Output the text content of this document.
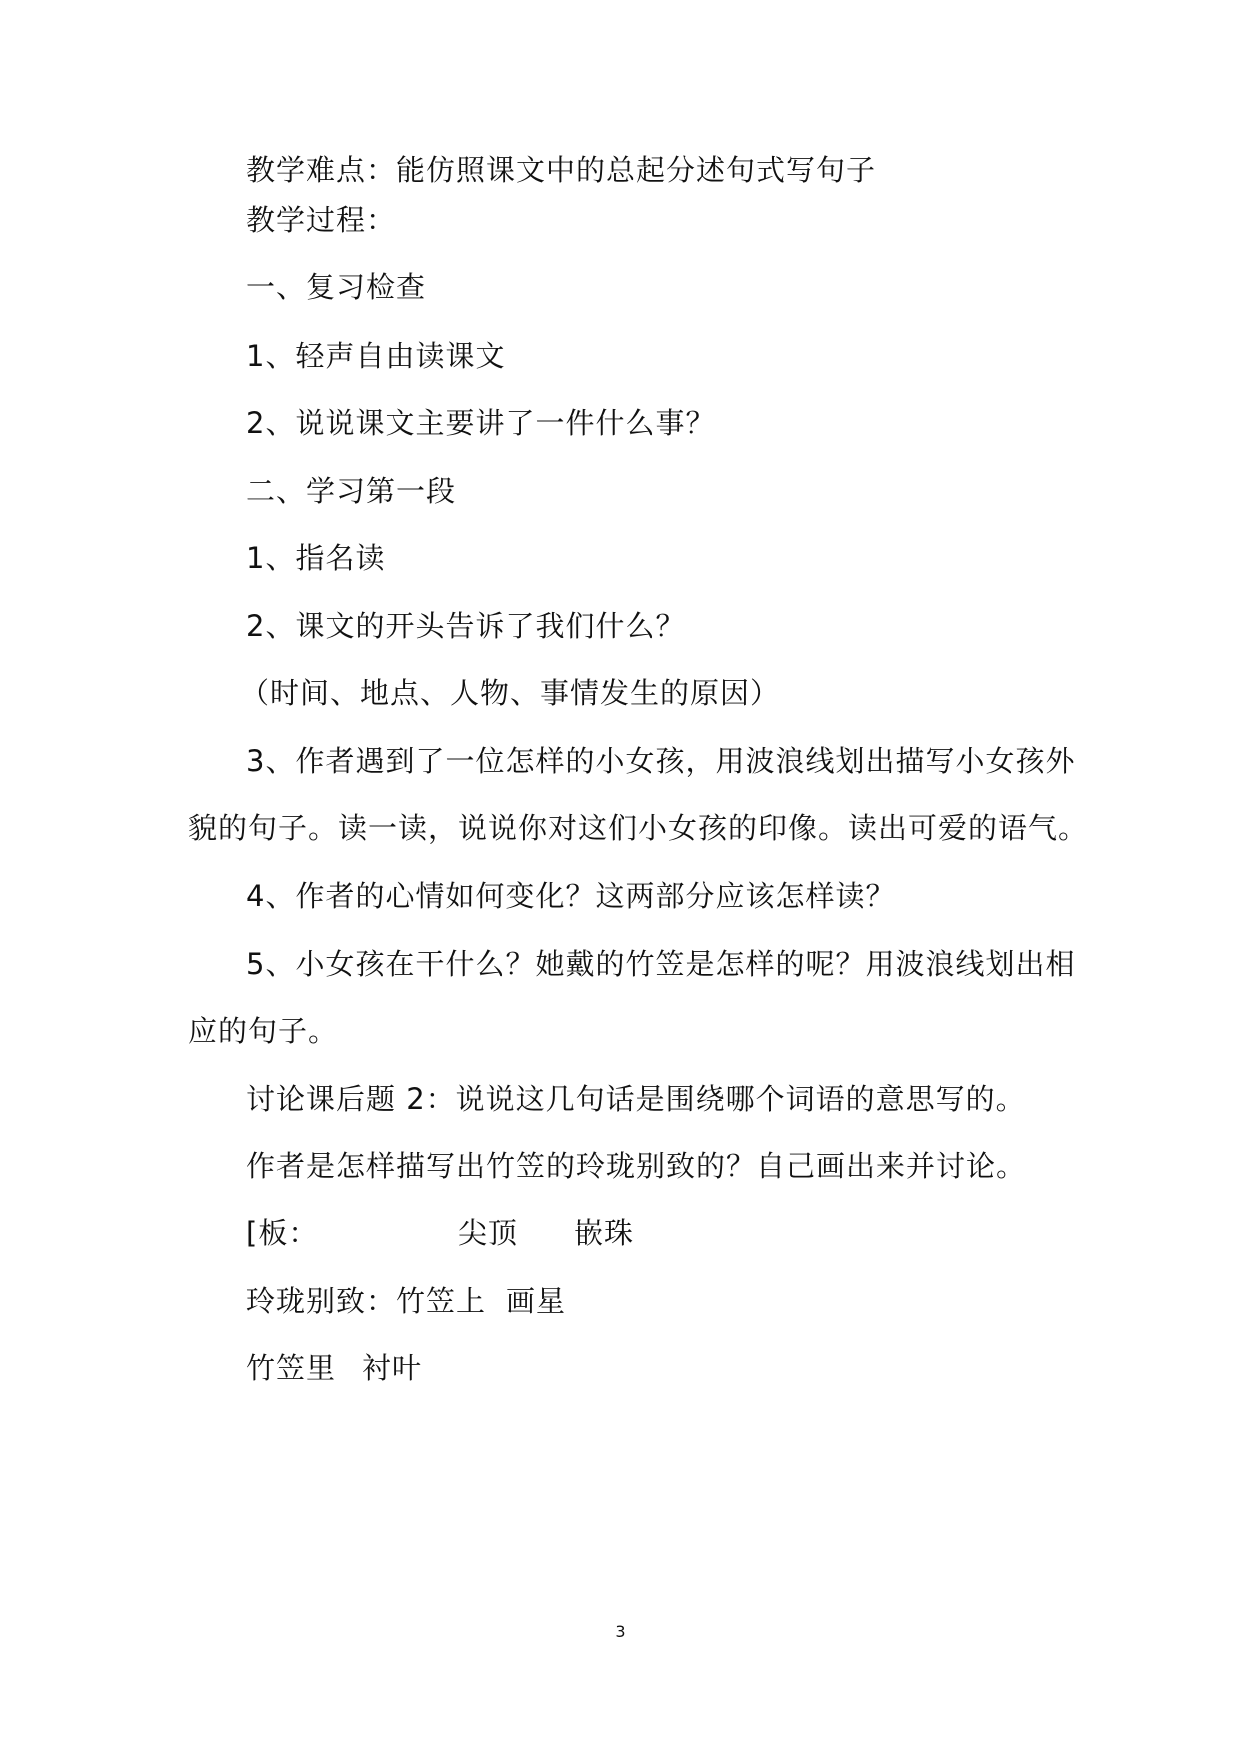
教学难点：能仿照课文中的总起分述句式写句子
教学过程：
一、复习检查
1、轻声自由读课文
2、说说课文主要讲了一件什么事？
二、学习第一段
1、指名读
2、课文的开头告诉了我们什么？
（时间、地点、人物、事情发生的原因）
3、作者遇到了一位怎样的小女孩，用波浪线划出描写小女孩外
貌的句子。读一读，说说你对这们小女孩的印像。读出可爱的语气。
4、作者的心情如何变化？这两部分应该怎样读？
5、小女孩在干什么？她戴的竹笠是怎样的呢？用波浪线划出相
应的句子。
讨论课后题 2：说说这几句话是围绕哪个词语的意思写的。
作者是怎样描写出竹笠的玲珑别致的？自己画出来并讨论。
[板：	尖顶 嵌珠
玲珑别致：竹笠上 画星
竹笠里 衬叶
3
